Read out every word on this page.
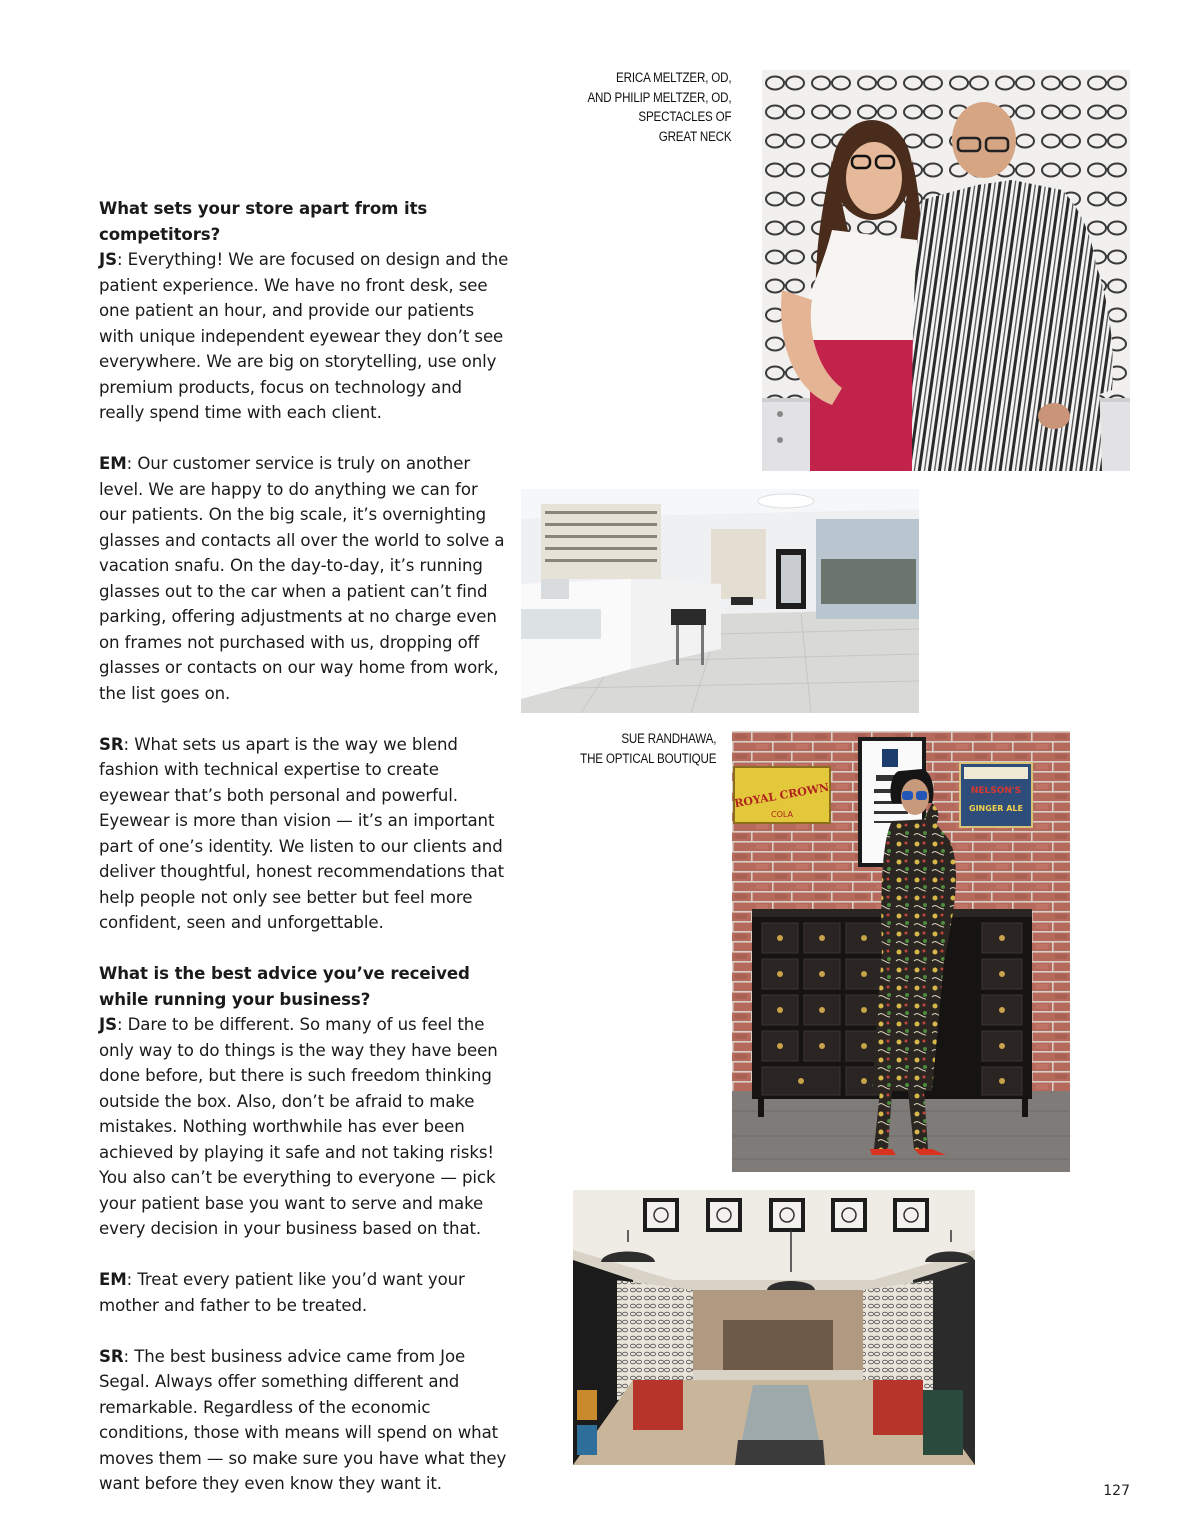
What sets your store apart from its competitors?
JS: Everything! We are focused on design and the patient experience. We have no front desk, see one patient an hour, and provide our patients with unique independent eyewear they don’t see everywhere. We are big on storytelling, use only premium products, focus on technology and really spend time with each client.

EM: Our customer service is truly on another level. We are happy to do anything we can for our patients. On the big scale, it’s overnighting glasses and contacts all over the world to solve a vacation snafu. On the day-to-day, it’s running glasses out to the car when a patient can’t find parking, offering adjustments at no charge even on frames not purchased with us, dropping off glasses or contacts on our way home from work, the list goes on.

SR: What sets us apart is the way we blend fashion with technical expertise to create eyewear that’s both personal and powerful. Eyewear is more than vision — it’s an important part of one’s identity. We listen to our clients and deliver thoughtful, honest recommendations that help people not only see better but feel more confident, seen and unforgettable.

What is the best advice you’ve received while running your business?
JS: Dare to be different. So many of us feel the only way to do things is the way they have been done before, but there is such freedom thinking outside the box. Also, don’t be afraid to make mistakes. Nothing worthwhile has ever been achieved by playing it safe and not taking risks! You also can’t be everything to everyone — pick your patient base you want to serve and make every decision in your business based on that.

EM: Treat every patient like you’d want your mother and father to be treated.

SR: The best business advice came from Joe Segal. Always offer something different and remarkable. Regardless of the economic conditions, those with means will spend on what moves them — so make sure you have what they want before they even know they want it.

ERICA MELTZER, OD,
AND PHILIP MELTZER, OD,
SPECTACLES OF
GREAT NECK
SUE RANDHAWA,
THE OPTICAL BOUTIQUE
ROYAL CROWN
COLA
NELSON'S
GINGER ALE
127
